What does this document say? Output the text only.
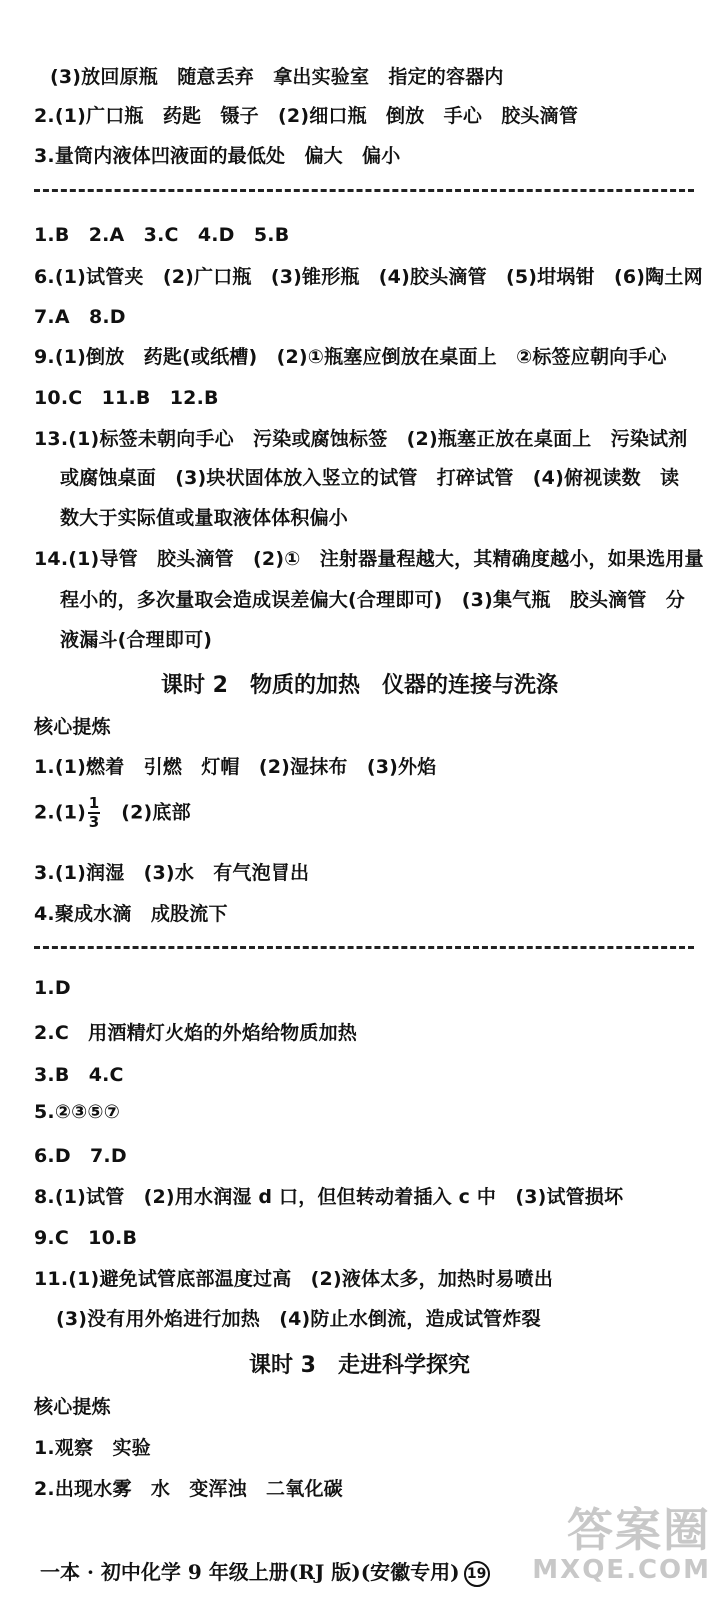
(3)放回原瓶　随意丢弃　拿出实验室　指定的容器内
2.(1)广口瓶　药匙　镊子　(2)细口瓶　倒放　手心　胶头滴管
3.量筒内液体凹液面的最低处　偏大　偏小
1.B　2.A　3.C　4.D　5.B
6.(1)试管夹　(2)广口瓶　(3)锥形瓶　(4)胶头滴管　(5)坩埚钳　(6)陶土网
7.A　8.D
9.(1)倒放　药匙(或纸槽)　(2)①瓶塞应倒放在桌面上　②标签应朝向手心
10.C　11.B　12.B
13.(1)标签未朝向手心　污染或腐蚀标签　(2)瓶塞正放在桌面上　污染试剂
或腐蚀桌面　(3)块状固体放入竖立的试管　打碎试管　(4)俯视读数　读
数大于实际值或量取液体体积偏小
14.(1)导管　胶头滴管　(2)①　注射器量程越大，其精确度越小，如果选用量
程小的，多次量取会造成误差偏大(合理即可)　(3)集气瓶　胶头滴管　分
液漏斗(合理即可)
课时 2　物质的加热　仪器的连接与洗涤
核心提炼
1.(1)燃着　引燃　灯帽　(2)湿抹布　(3)外焰
$2.(1) \frac{1}{3}$
　 (2)底部
3.(1)润湿　(3)水　有气泡冒出
4.聚成水滴　成股流下
1.D
2.C　用酒精灯火焰的外焰给物质加热
3.B　4.C
5.②③⑤⑦
6.D　7.D
8.(1)试管　(2)用水润湿 d 口，但但转动着插入 c 中　(3)试管损坏
9.C　10.B
11.(1)避免试管底部温度过高　(2)液体太多，加热时易喷出
(3)没有用外焰进行加热　(4)防止水倒流，造成试管炸裂
课时 3　走进科学探究
核心提炼
1.观察　实验
2.出现水雾　水　变浑浊　二氧化碳
答案圈
MXQE.COM
一本 · 初中化学 9 年级上册(RJ 版)(安徽专用) 19
